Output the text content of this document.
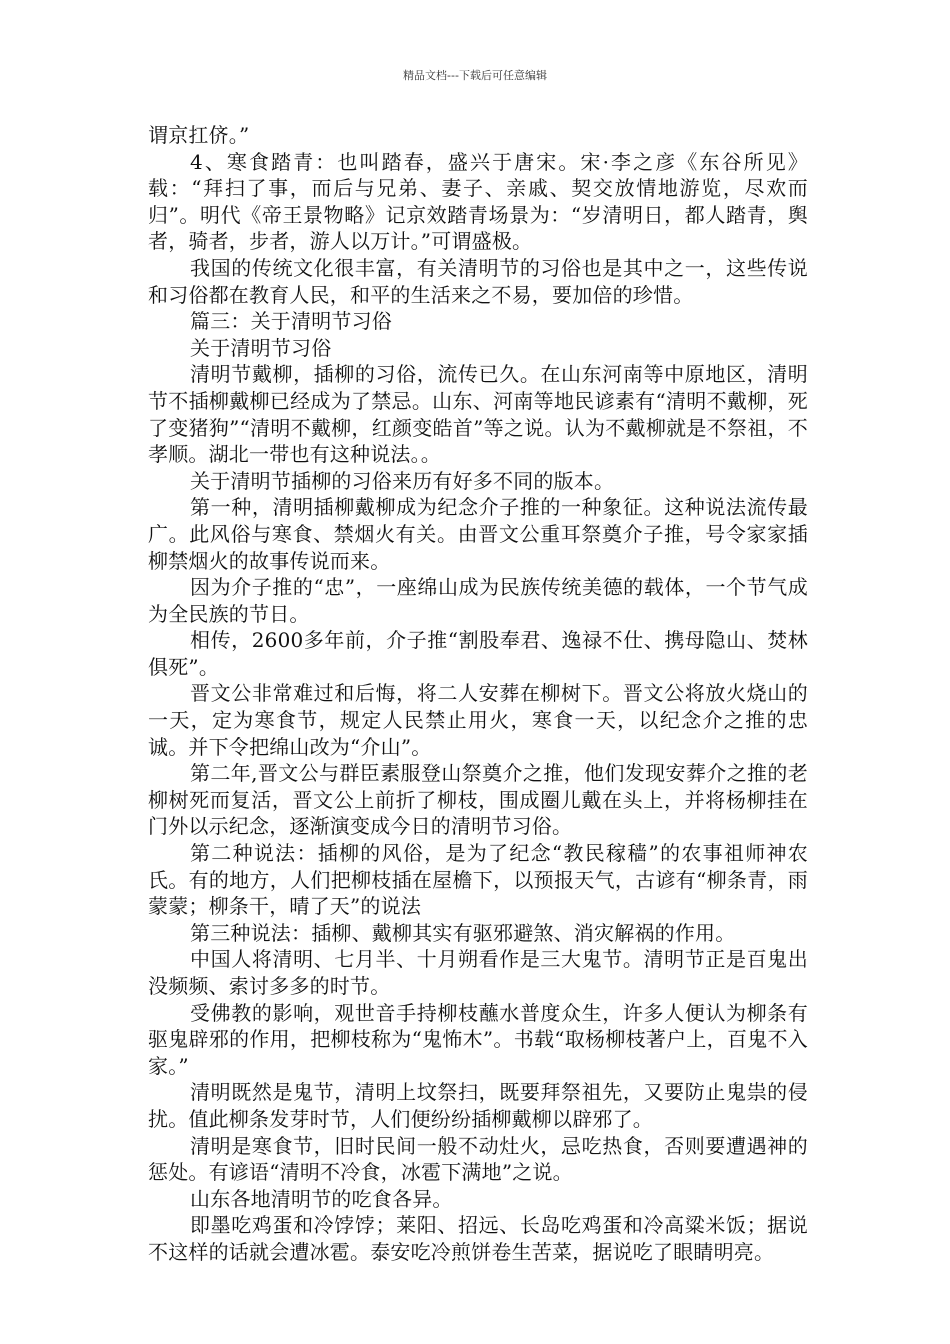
精品文档---下载后可任意编辑

谓京扛侪。”

4、寒食踏青：也叫踏春，盛兴于唐宋。宋·李之彦《东谷所见》载：“拜扫了事，而后与兄弟、妻子、亲戚、契交放情地游览，尽欢而归”。明代《帝王景物略》记京效踏青场景为：“岁清明日，都人踏青，舆者，骑者，步者，游人以万计。”可谓盛极。

我国的传统文化很丰富，有关清明节的习俗也是其中之一，这些传说和习俗都在教育人民，和平的生活来之不易，要加倍的珍惜。

篇三：关于清明节习俗

关于清明节习俗

清明节戴柳，插柳的习俗，流传已久。在山东河南等中原地区，清明节不插柳戴柳已经成为了禁忌。山东、河南等地民谚素有“清明不戴柳，死了变猪狗”“清明不戴柳，红颜变皓首”等之说。认为不戴柳就是不祭祖，不孝顺。湖北一带也有这种说法。。

关于清明节插柳的习俗来历有好多不同的版本。

第一种，清明插柳戴柳成为纪念介子推的一种象征。这种说法流传最广。此风俗与寒食、禁烟火有关。由晋文公重耳祭奠介子推，号令家家插柳禁烟火的故事传说而来。

因为介子推的“忠”，一座绵山成为民族传统美德的载体，一个节气成为全民族的节日。

相传，2600多年前，介子推“割股奉君、逸禄不仕、携母隐山、焚林俱死”。

晋文公非常难过和后悔，将二人安葬在柳树下。晋文公将放火烧山的一天，定为寒食节，规定人民禁止用火，寒食一天，以纪念介之推的忠诚。并下令把绵山改为“介山”。

第二年,晋文公与群臣素服登山祭奠介之推，他们发现安葬介之推的老柳树死而复活，晋文公上前折了柳枝，围成圈儿戴在头上，并将杨柳挂在门外以示纪念，逐渐演变成今日的清明节习俗。

第二种说法：插柳的风俗，是为了纪念“教民稼穑”的农事祖师神农氏。有的地方，人们把柳枝插在屋檐下，以预报天气，古谚有“柳条青，雨蒙蒙；柳条干，晴了天”的说法

第三种说法：插柳、戴柳其实有驱邪避煞、消灾解祸的作用。

中国人将清明、七月半、十月朔看作是三大鬼节。清明节正是百鬼出没频频、索讨多多的时节。

受佛教的影响，观世音手持柳枝蘸水普度众生，许多人便认为柳条有驱鬼辟邪的作用，把柳枝称为“鬼怖木”。书载“取杨柳枝著户上，百鬼不入家。”

清明既然是鬼节，清明上坟祭扫，既要拜祭祖先，又要防止鬼祟的侵扰。值此柳条发芽时节，人们便纷纷插柳戴柳以辟邪了。

清明是寒食节，旧时民间一般不动灶火，忌吃热食，否则要遭遇神的惩处。有谚语“清明不冷食，冰雹下满地”之说。

山东各地清明节的吃食各异。

即墨吃鸡蛋和冷饽饽；莱阳、招远、长岛吃鸡蛋和冷高粱米饭；据说不这样的话就会遭冰雹。泰安吃冷煎饼卷生苦菜，据说吃了眼睛明亮。
